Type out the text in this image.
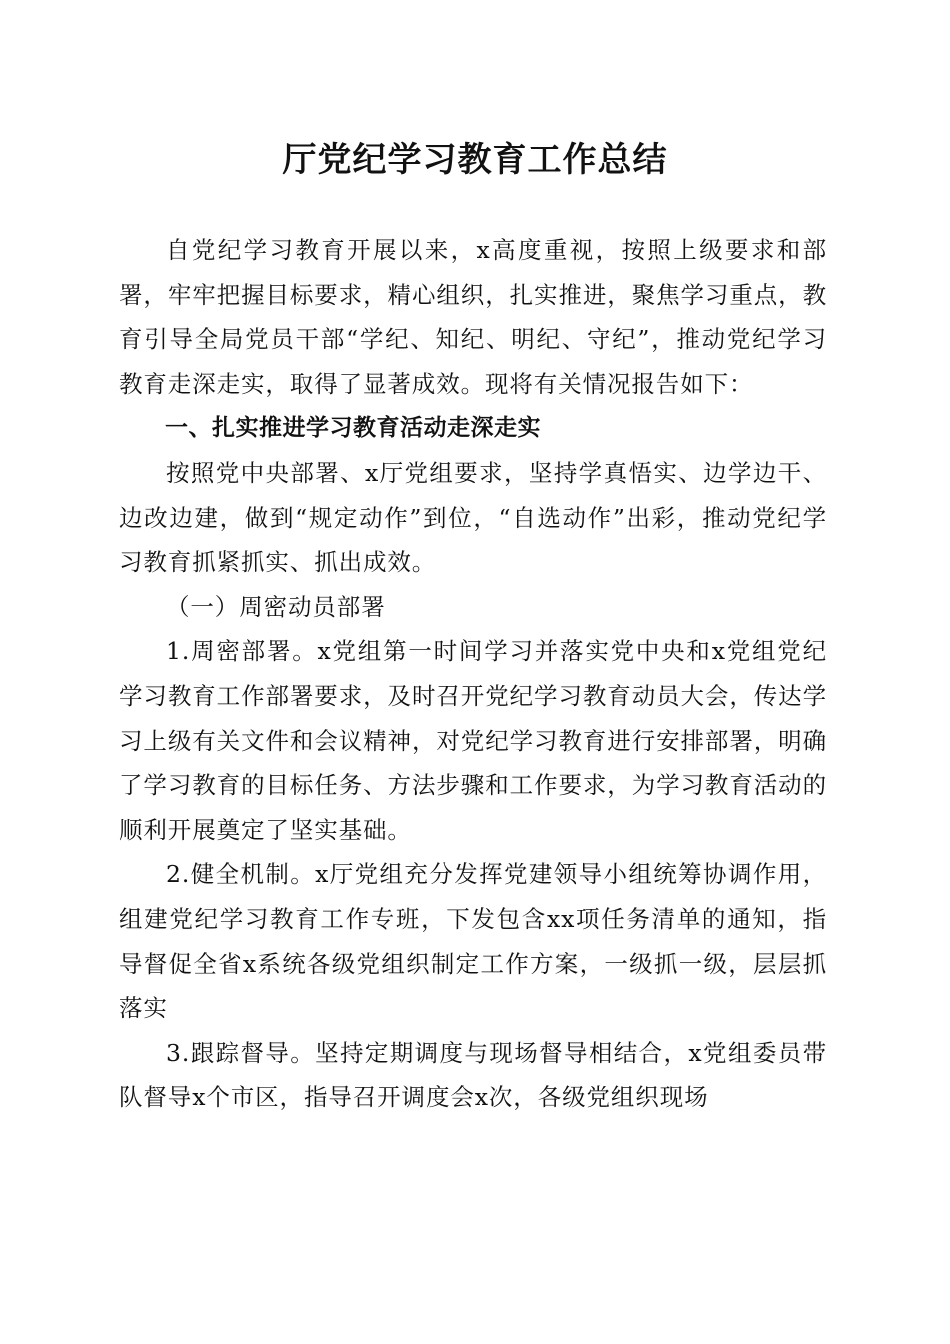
厅党纪学习教育工作总结

自党纪学习教育开展以来，x高度重视，按照上级要求和部署，牢牢把握目标要求，精心组织，扎实推进，聚焦学习重点，教育引导全局党员干部“学纪、知纪、明纪、守纪”，推动党纪学习教育走深走实，取得了显著成效。现将有关情况报告如下：

一、扎实推进学习教育活动走深走实

按照党中央部署、x厅党组要求，坚持学真悟实、边学边干、边改边建，做到“规定动作”到位，“自选动作”出彩，推动党纪学习教育抓紧抓实、抓出成效。

（一）周密动员部署

1.周密部署。x党组第一时间学习并落实党中央和x党组党纪学习教育工作部署要求，及时召开党纪学习教育动员大会，传达学习上级有关文件和会议精神，对党纪学习教育进行安排部署，明确了学习教育的目标任务、方法步骤和工作要求，为学习教育活动的顺利开展奠定了坚实基础。

2.健全机制。x厅党组充分发挥党建领导小组统筹协调作用，组建党纪学习教育工作专班，下发包含xx项任务清单的通知，指导督促全省x系统各级党组织制定工作方案，一级抓一级，层层抓落实

3.跟踪督导。坚持定期调度与现场督导相结合，x党组委员带队督导x个市区，指导召开调度会x次，各级党组织现场
